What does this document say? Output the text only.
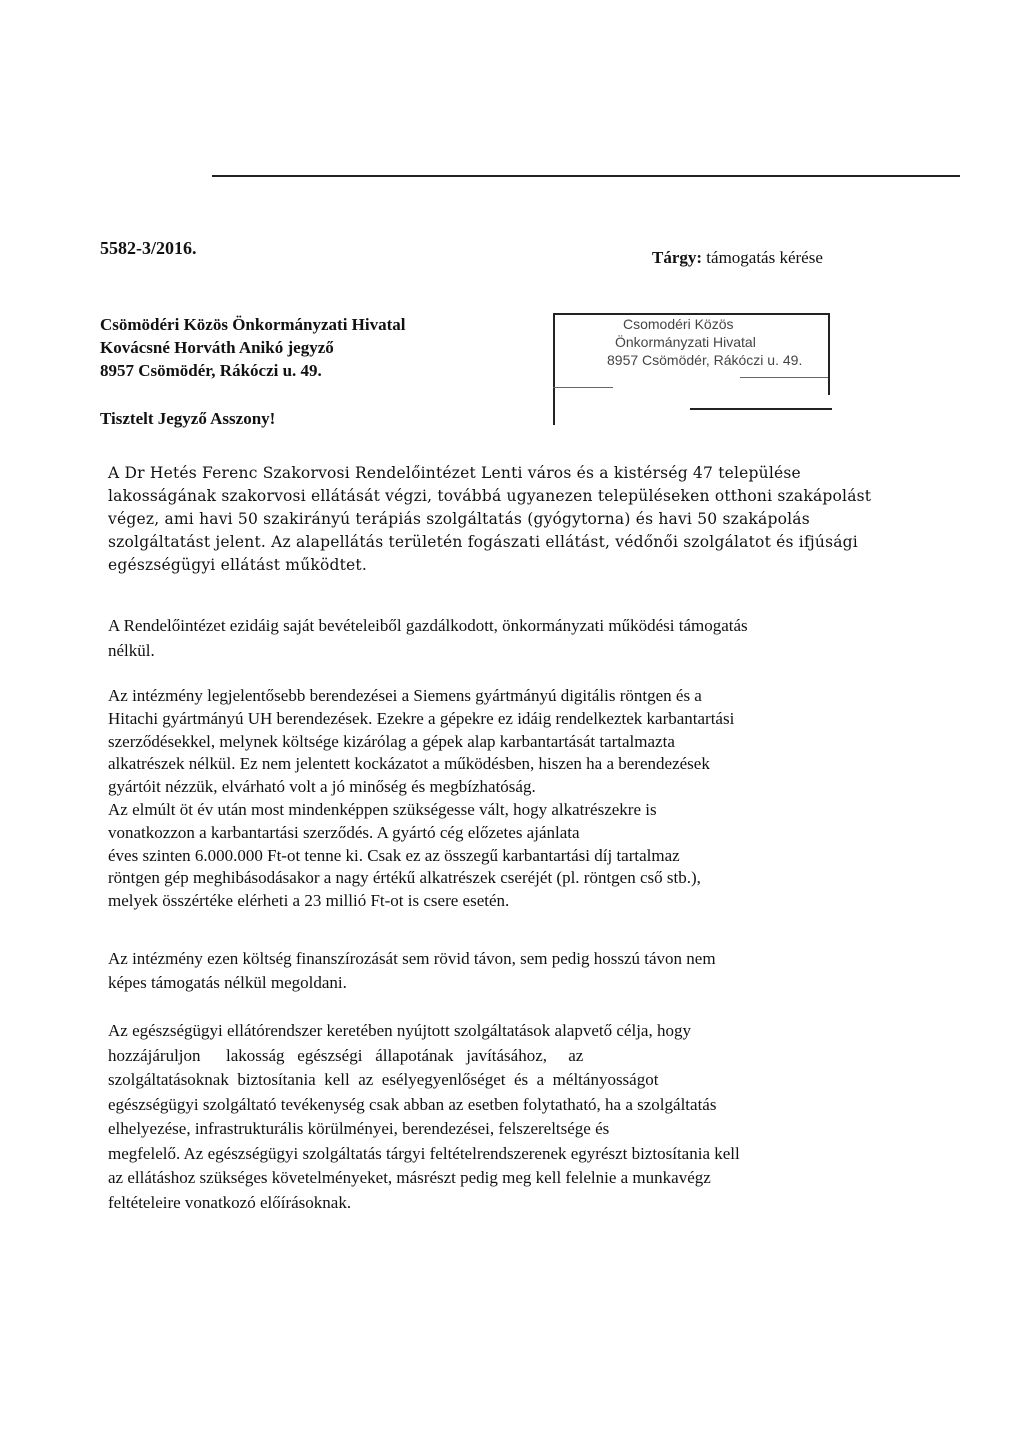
5582-3/2016.	Tárgy: támogatás kérése
Csömödéri Közös Önkormányzati Hivatal
Kovácsné Horváth Anikó jegyző
8957 Csömödér, Rákóczi u. 49.
Csomodéri Közös
Önkormányzati Hivatal
8957 Csömödér, Rákóczi u. 49.
Tisztelt Jegyző Asszony!

A Dr Hetés Ferenc Szakorvosi Rendelőintézet Lenti város és a kistérség 47 települése
lakosságának szakorvosi ellátását végzi, továbbá ugyanezen településeken otthoni szakápolást
végez, ami havi 50 szakirányú terápiás szolgáltatás (gyógytorna) és havi 50 szakápolás
szolgáltatást jelent. Az alapellátás területén fogászati ellátást, védőnői szolgálatot és ifjúsági
egészségügyi ellátást működtet.

A Rendelőintézet ezidáig saját bevételeiből gazdálkodott, önkormányzati működési támogatás
nélkül.

Az intézmény legjelentősebb berendezései a Siemens gyártmányú digitális röntgen és a
Hitachi gyártmányú UH berendezések. Ezekre a gépekre ez idáig rendelkeztek karbantartási
szerződésekkel, melynek költsége kizárólag a gépek alap karbantartását tartalmazta
alkatrészek nélkül. Ez nem jelentett kockázatot a működésben, hiszen ha a berendezések
gyártóit nézzük, elvárható volt a jó minőség és megbízhatóság.
Az elmúlt öt év után most mindenképpen szükségesse vált, hogy alkatrészekre is
vonatkozzon a karbantartási szerződés. A gyártó cég előzetes ajánlata
éves szinten 6.000.000 Ft-ot tenne ki. Csak ez az összegű karbantartási díj tartalmaz
röntgen gép meghibásodásakor a nagy értékű alkatrészek cseréjét (pl. röntgen cső stb.),
melyek összértéke elérheti a 23 millió Ft-ot is csere esetén.

Az intézmény ezen költség finanszírozását sem rövid távon, sem pedig hosszú távon nem
képes támogatás nélkül megoldani.

Az egészségügyi ellátórendszer keretében nyújtott szolgáltatások alapvető célja, hogy
hozzájáruljon      lakosság   egészségi   állapotának   javításához,     az
szolgáltatásoknak  biztosítania  kell  az  esélyegyenlőséget  és  a  méltányosságot
egészségügyi szolgáltató tevékenység csak abban az esetben folytatható, ha a szolgáltatás
elhelyezése, infrastrukturális körülményei, berendezései, felszereltsége és
megfelelő. Az egészségügyi szolgáltatás tárgyi feltételrendszerenek egyrészt biztosítania kell
az ellátáshoz szükséges követelményeket, másrészt pedig meg kell felelnie a munkavégz
feltételeire vonatkozó előírásoknak.
